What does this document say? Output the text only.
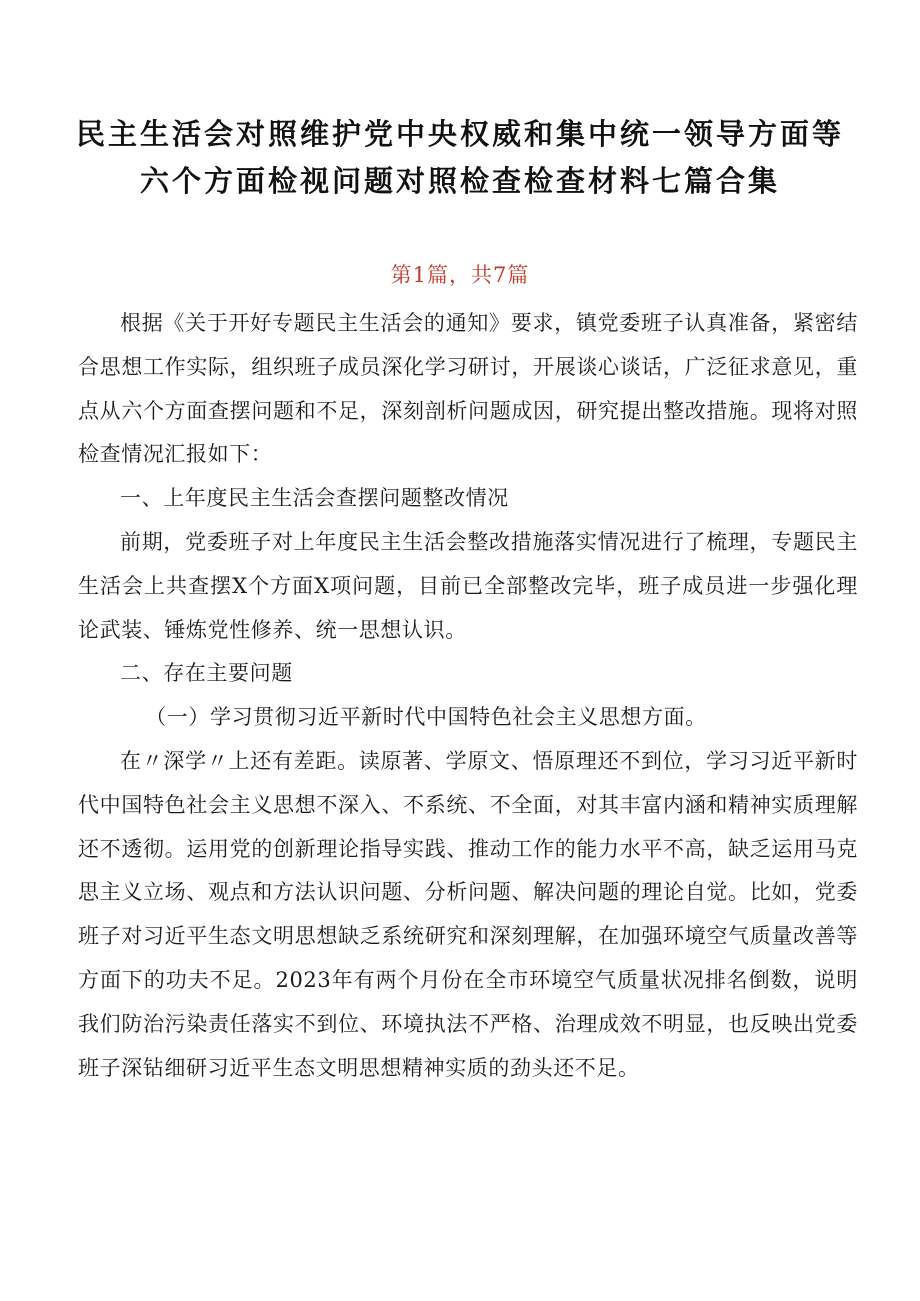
民主生活会对照维护党中央权威和集中统一领导方面等
六个方面检视问题对照检查检查材料七篇合集
第1篇，共7篇

根据《关于开好专题民主生活会的通知》要求，镇党委班子认真准备，紧密结合思想工作实际，组织班子成员深化学习研讨，开展谈心谈话，广泛征求意见，重点从六个方面查摆问题和不足，深刻剖析问题成因，研究提出整改措施。现将对照检查情况汇报如下：

一、上年度民主生活会查摆问题整改情况

前期，党委班子对上年度民主生活会整改措施落实情况进行了梳理，专题民主生活会上共查摆X个方面X项问题，目前已全部整改完毕，班子成员进一步强化理论武装、锤炼党性修养、统一思想认识。

二、存在主要问题

（一）学习贯彻习近平新时代中国特色社会主义思想方面。

在〃深学〃上还有差距。读原著、学原文、悟原理还不到位，学习习近平新时代中国特色社会主义思想不深入、不系统、不全面，对其丰富内涵和精神实质理解还不透彻。运用党的创新理论指导实践、推动工作的能力水平不高，缺乏运用马克思主义立场、观点和方法认识问题、分析问题、解决问题的理论自觉。比如，党委班子对习近平生态文明思想缺乏系统研究和深刻理解，在加强环境空气质量改善等方面下的功夫不足。2023年有两个月份在全市环境空气质量状况排名倒数，说明我们防治污染责任落实不到位、环境执法不严格、治理成效不明显，也反映出党委班子深钻细研习近平生态文明思想精神实质的劲头还不足。
